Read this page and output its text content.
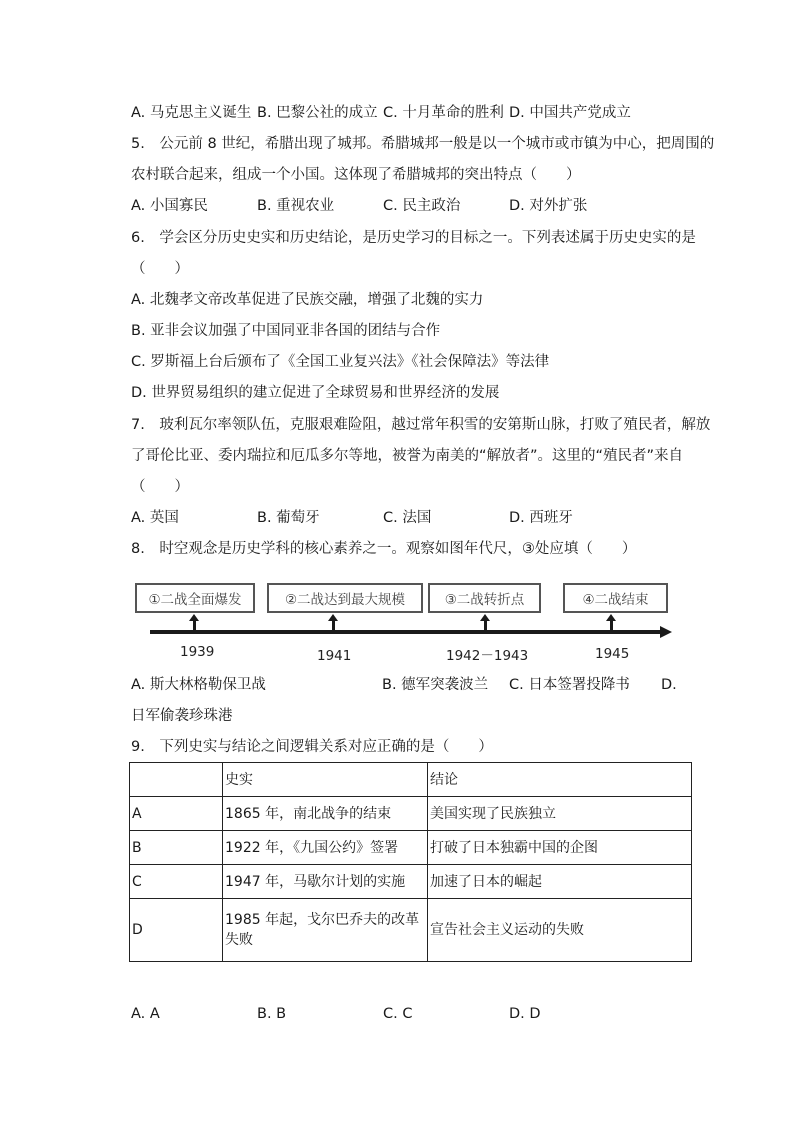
A. 马克思主义诞生 B. 巴黎公社的成立 C. 十月革命的胜利 D. 中国共产党成立
5.　公元前 8 世纪，希腊出现了城邦。希腊城邦一般是以一个城市或市镇为中心，把周围的
农村联合起来，组成一个小国。这体现了希腊城邦的突出特点（　　）
A. 小国寡民	B. 重视农业	C. 民主政治	D. 对外扩张
6.　学会区分历史史实和历史结论，是历史学习的目标之一。下列表述属于历史史实的是
（　　）
A. 北魏孝文帝改革促进了民族交融，增强了北魏的实力
B. 亚非会议加强了中国同亚非各国的团结与合作
C. 罗斯福上台后颁布了《全国工业复兴法》《社会保障法》等法律
D. 世界贸易组织的建立促进了全球贸易和世界经济的发展
7.　玻利瓦尔率领队伍，克服艰难险阻，越过常年积雪的安第斯山脉，打败了殖民者，解放
了哥伦比亚、委内瑞拉和厄瓜多尔等地，被誉为南美的“解放者”。这里的“殖民者”来自
（　　）
A. 英国	B. 葡萄牙	C. 法国	D. 西班牙
8.　时空观念是历史学科的核心素养之一。观察如图年代尺，③处应填（　　）
①二战全面爆发	②二战达到最大规模	③二战转折点	④二战结束
1939	1941	1942－1943	1945
A. 斯大林格勒保卫战	B. 德军突袭波兰 C. 日本签署投降书 D.
日军偷袭珍珠港
9.　下列史实与结论之间逻辑关系对应正确的是（　　）
	史实	结论
A	1865 年，南北战争的结束	美国实现了民族独立
B	1922 年，《九国公约》签署	打破了日本独霸中国的企图
C	1947 年，马歇尔计划的实施	加速了日本的崛起
D	1985 年起，戈尔巴乔夫的改革失败	宣告社会主义运动的失败
A. A	B. B	C. C	D. D
